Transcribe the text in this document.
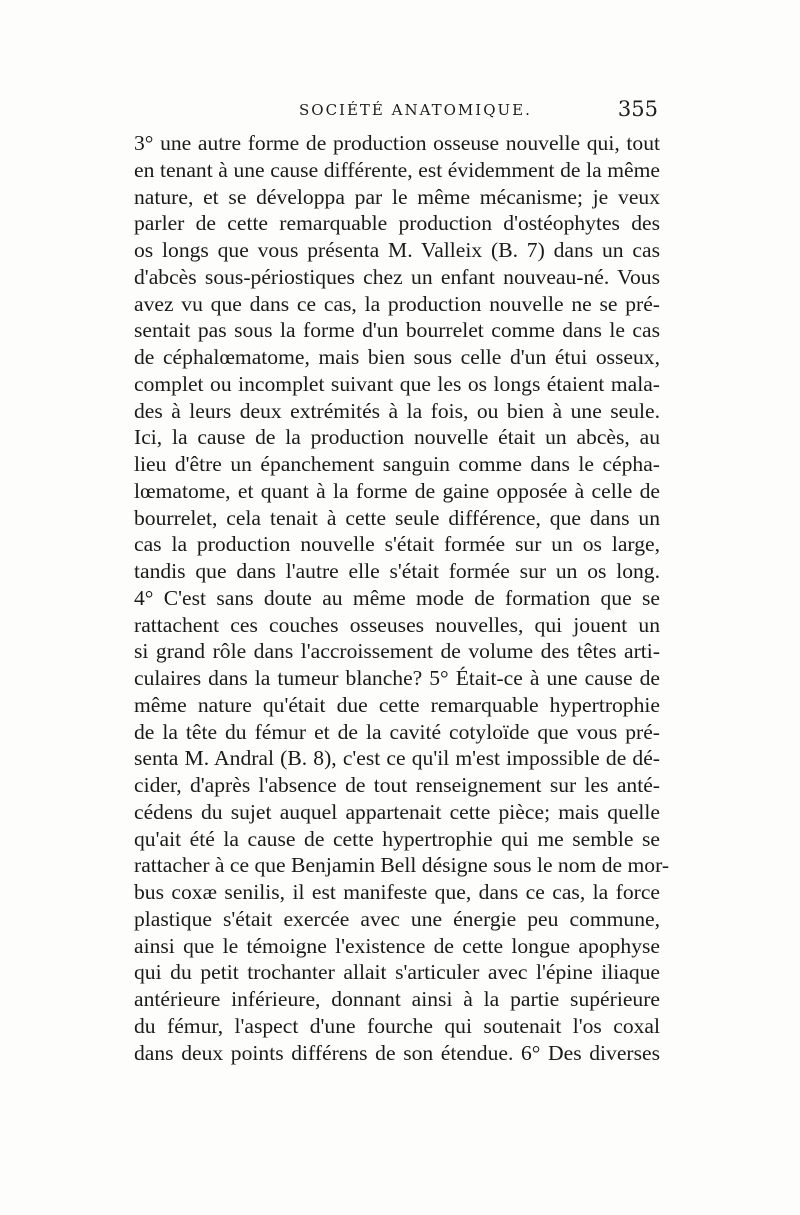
SOCIÉTÉ ANATOMIQUE.	355
3° une autre forme de production osseuse nouvelle qui, tout
en tenant à une cause différente, est évidemment de la même
nature, et se développa par le même mécanisme; je veux
parler de cette remarquable production d'ostéophytes des
os longs que vous présenta M. Valleix (B. 7) dans un cas
d'abcès sous-périostiques chez un enfant nouveau-né. Vous
avez vu que dans ce cas, la production nouvelle ne se pré-
sentait pas sous la forme d'un bourrelet comme dans le cas
de céphalœmatome, mais bien sous celle d'un étui osseux,
complet ou incomplet suivant que les os longs étaient mala-
des à leurs deux extrémités à la fois, ou bien à une seule.
Ici, la cause de la production nouvelle était un abcès, au
lieu d'être un épanchement sanguin comme dans le cépha-
lœmatome, et quant à la forme de gaine opposée à celle de
bourrelet, cela tenait à cette seule différence, que dans un
cas la production nouvelle s'était formée sur un os large,
tandis que dans l'autre elle s'était formée sur un os long.
4° C'est sans doute au même mode de formation que se
rattachent ces couches osseuses nouvelles, qui jouent un
si grand rôle dans l'accroissement de volume des têtes arti-
culaires dans la tumeur blanche? 5° Était-ce à une cause de
même nature qu'était due cette remarquable hypertrophie
de la tête du fémur et de la cavité cotyloïde que vous pré-
senta M. Andral (B. 8), c'est ce qu'il m'est impossible de dé-
cider, d'après l'absence de tout renseignement sur les anté-
cédens du sujet auquel appartenait cette pièce; mais quelle
qu'ait été la cause de cette hypertrophie qui me semble se
rattacher à ce que Benjamin Bell désigne sous le nom de mor-
bus coxæ senilis, il est manifeste que, dans ce cas, la force
plastique s'était exercée avec une énergie peu commune,
ainsi que le témoigne l'existence de cette longue apophyse
qui du petit trochanter allait s'articuler avec l'épine iliaque
antérieure inférieure, donnant ainsi à la partie supérieure
du fémur, l'aspect d'une fourche qui soutenait l'os coxal
dans deux points différens de son étendue. 6° Des diverses
